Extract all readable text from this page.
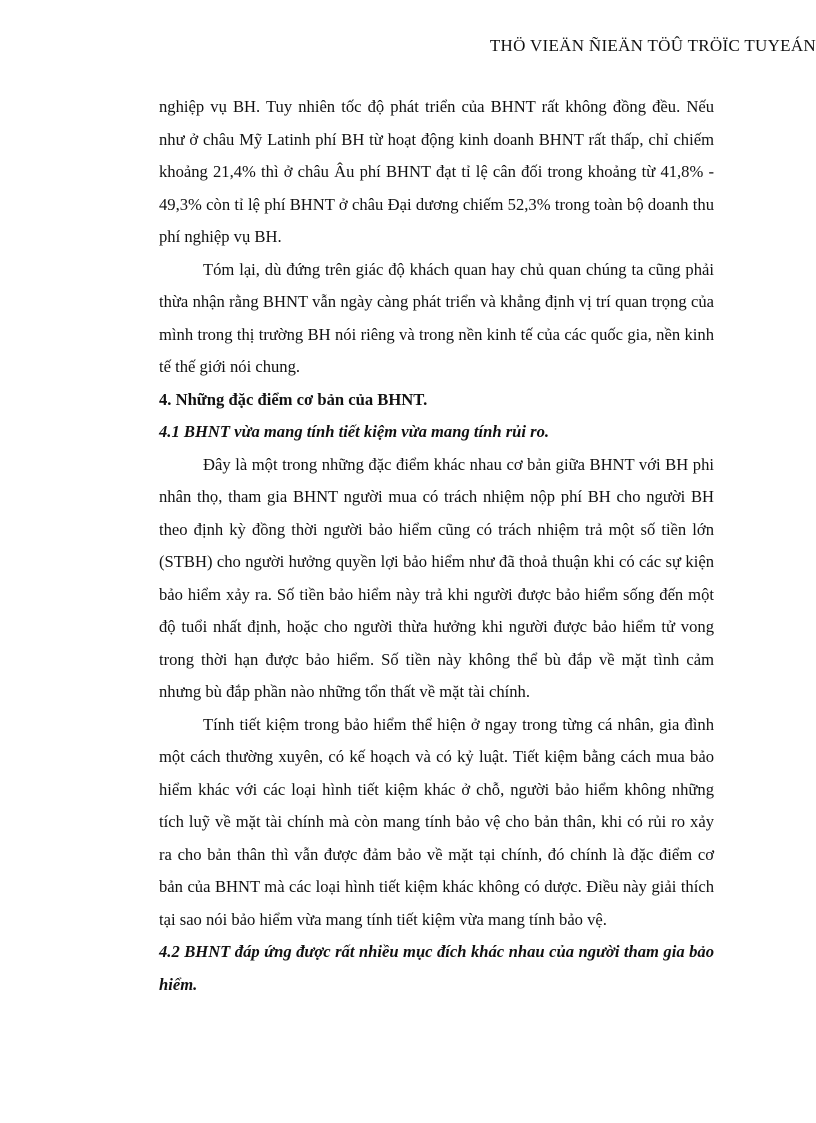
THÖ VIEÄN ÑIEÄN TÖÛ TRÖÏC TUYEÁN

nghiệp vụ BH. Tuy nhiên tốc độ phát triển của BHNT rất không đồng đều. Nếu như ở châu Mỹ Latinh phí BH từ hoạt động kinh doanh BHNT rất thấp, chỉ chiếm khoảng 21,4% thì ở châu Âu phí BHNT đạt tỉ lệ cân đối trong khoảng từ 41,8% - 49,3% còn tỉ lệ phí BHNT ở châu Đại dương chiếm 52,3% trong toàn bộ doanh thu phí nghiệp vụ BH.

Tóm lại, dù đứng trên giác độ khách quan hay chủ quan chúng ta cũng phải thừa nhận rằng BHNT vẫn ngày càng phát triển và khẳng định vị trí quan trọng của mình trong thị trường BH nói riêng và trong nền kinh tế của các quốc gia, nền kinh tế thế giới nói chung.

4. Những đặc điểm cơ bản của BHNT.

4.1 BHNT vừa mang tính tiết kiệm vừa mang tính rủi ro.

Đây là một trong những đặc điểm khác nhau cơ bản giữa BHNT với BH phi nhân thọ, tham gia BHNT người mua có trách nhiệm nộp phí BH cho người BH theo định kỳ đồng thời người bảo hiểm cũng có trách nhiệm trả một số tiền lớn (STBH) cho người hưởng quyền lợi bảo hiểm như đã thoả thuận khi có các sự kiện bảo hiểm xảy ra. Số tiền bảo hiểm này trả khi người được bảo hiểm sống đến một độ tuổi nhất định, hoặc cho người thừa hưởng khi người được bảo hiểm tử vong trong thời hạn được bảo hiểm. Số tiền này không thể bù đắp về mặt tình cảm nhưng bù đắp phần nào những tổn thất về mặt tài chính.

Tính tiết kiệm trong bảo hiểm thể hiện ở ngay trong từng cá nhân, gia đình một cách thường xuyên, có kế hoạch và có kỷ luật. Tiết kiệm bằng cách mua bảo hiểm khác với các loại hình tiết kiệm khác ở chỗ, người bảo hiểm không những tích luỹ về mặt tài chính mà còn mang tính bảo vệ cho bản thân, khi có rủi ro xảy ra cho bản thân thì vẫn được đảm bảo về mặt tại chính, đó chính là đặc điểm cơ bản của BHNT mà các loại hình tiết kiệm khác không có dược. Điều này giải thích tại sao nói bảo hiểm vừa mang tính tiết kiệm vừa mang tính bảo vệ.

4.2 BHNT đáp ứng được rất nhiều mục đích khác nhau của người tham gia bảo hiểm.
